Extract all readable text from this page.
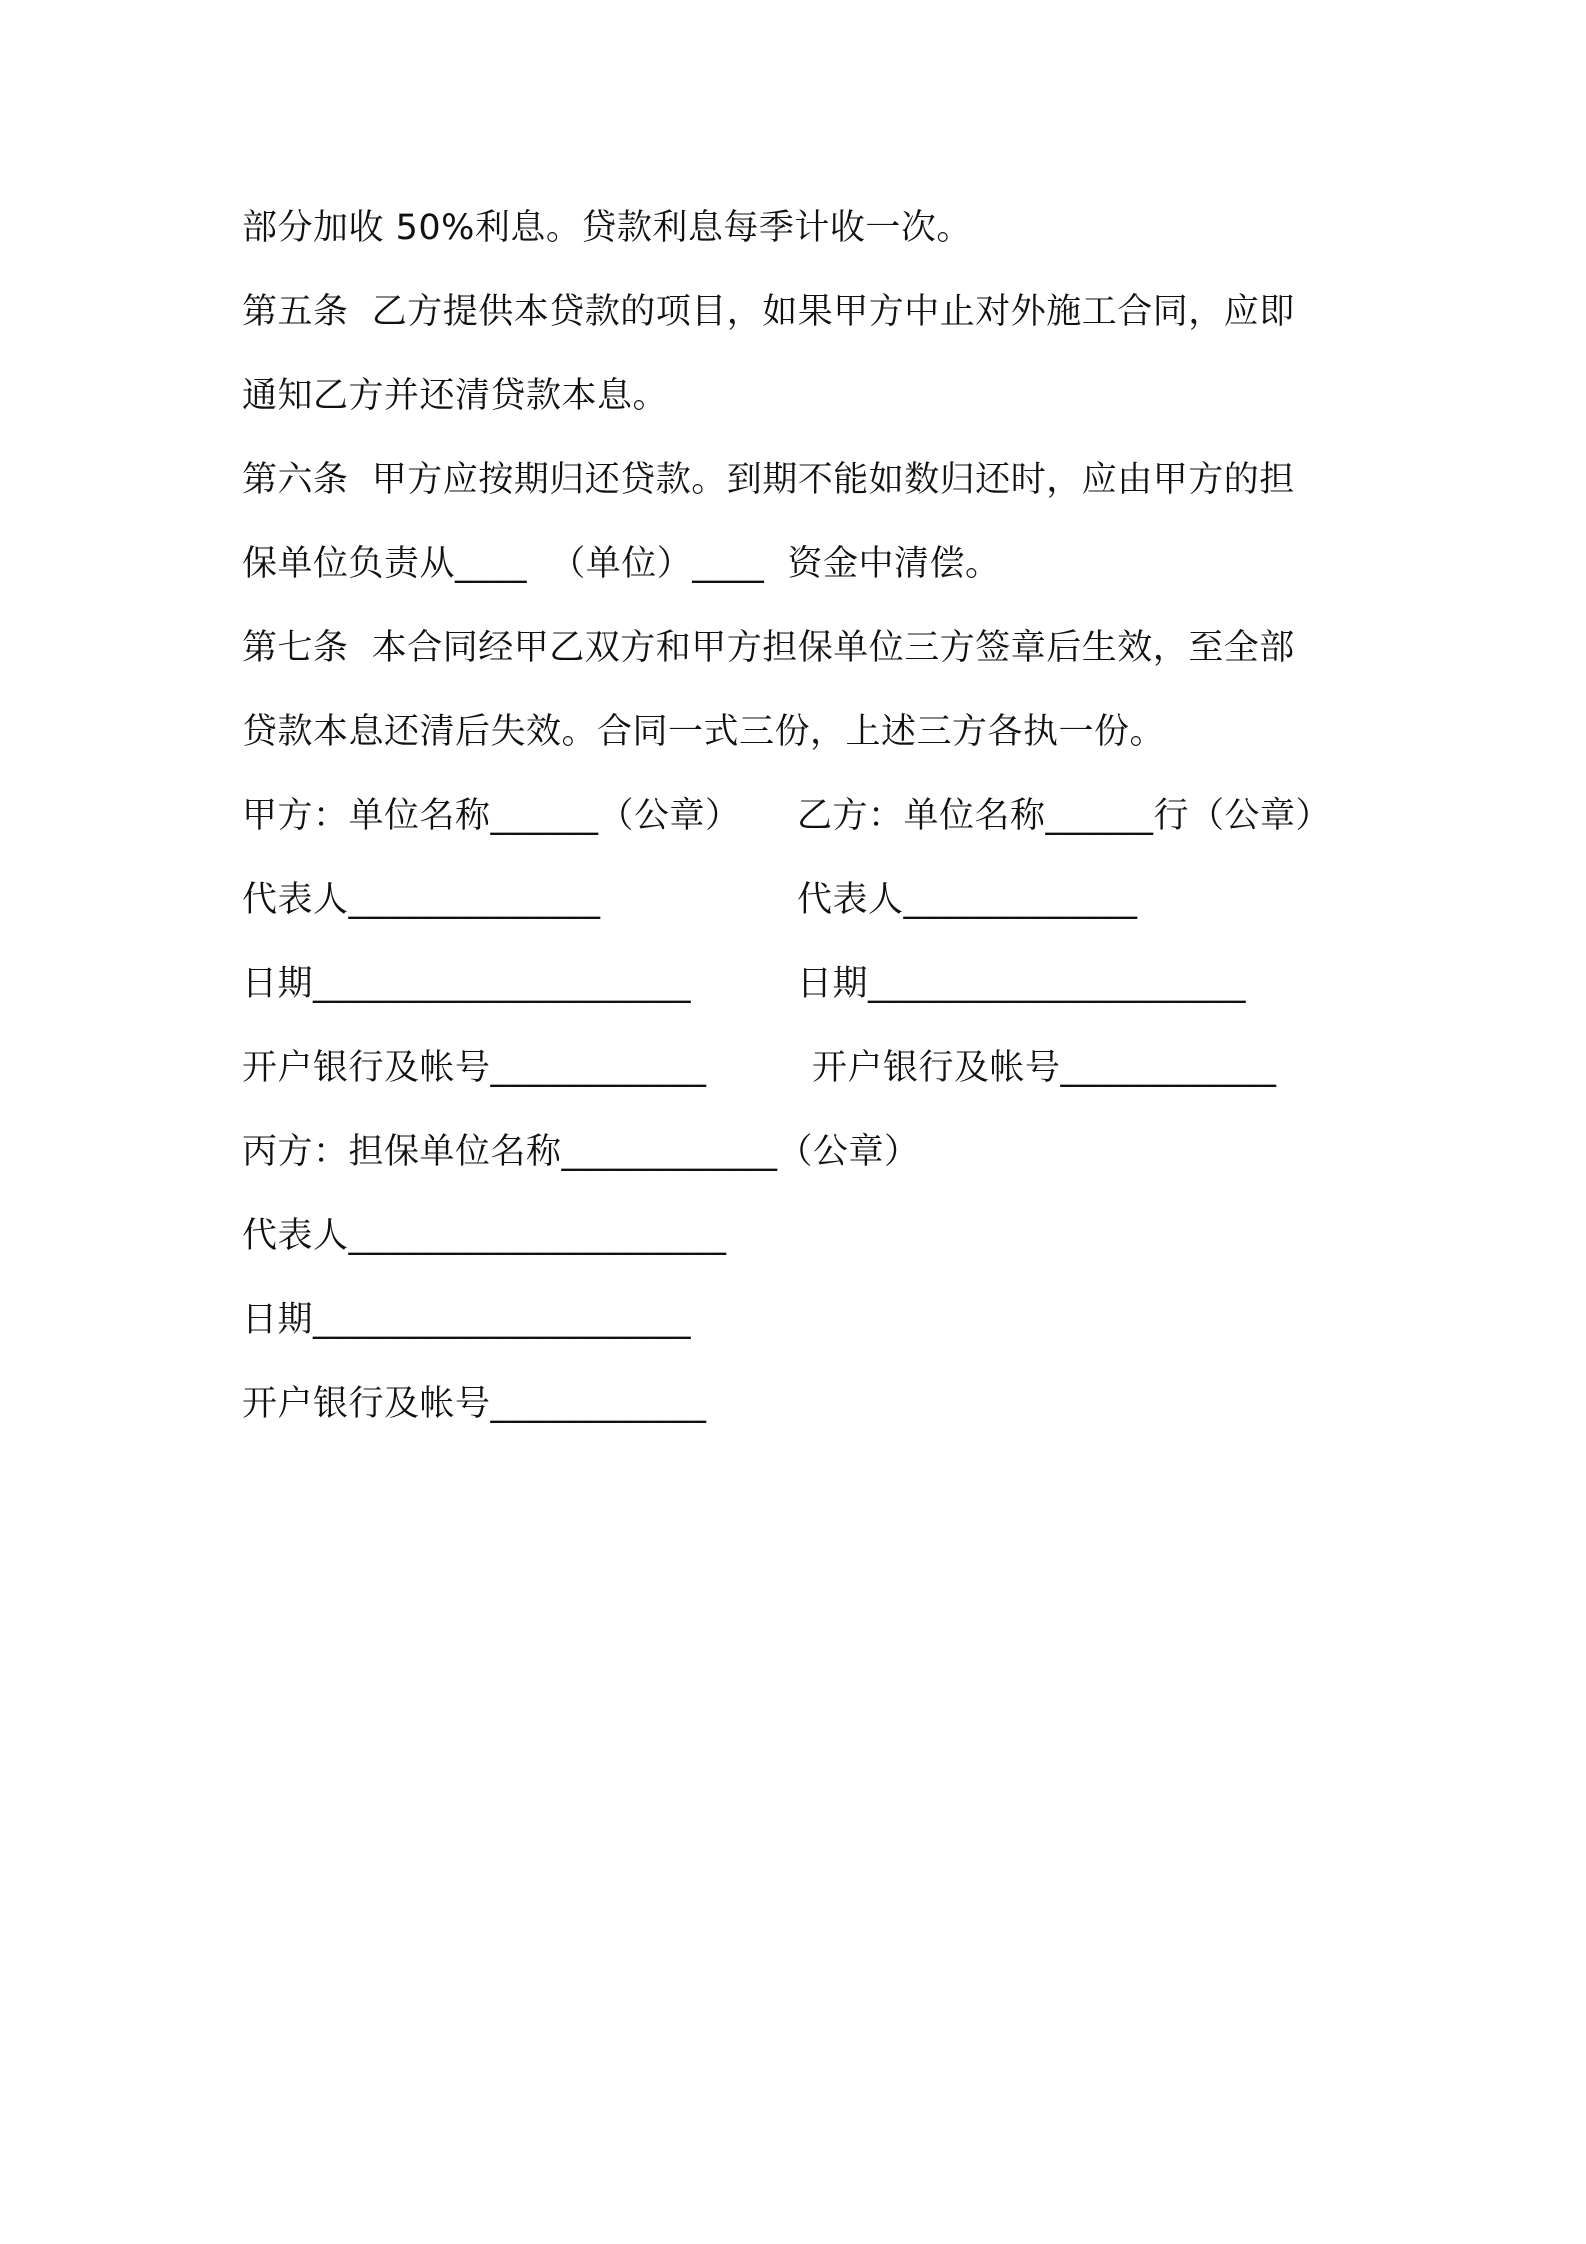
部分加收 50%利息。贷款利息每季计收一次。
第五条  乙方提供本贷款的项目，如果甲方中止对外施工合同，应即
通知乙方并还清贷款本息。
第六条  甲方应按期归还贷款。到期不能如数归还时，应由甲方的担
保单位负责从____  （单位）____  资金中清偿。
第七条  本合同经甲乙双方和甲方担保单位三方签章后生效，至全部
贷款本息还清后失效。合同一式三份，上述三方各执一份。
甲方：单位名称______（公章） 乙方：单位名称______行（公章）
代表人______________	代表人_____________
日期_____________________	日期_____________________
开户银行及帐号____________	开户银行及帐号____________
丙方：担保单位名称____________（公章）
代表人_____________________
日期_____________________
开户银行及帐号____________
